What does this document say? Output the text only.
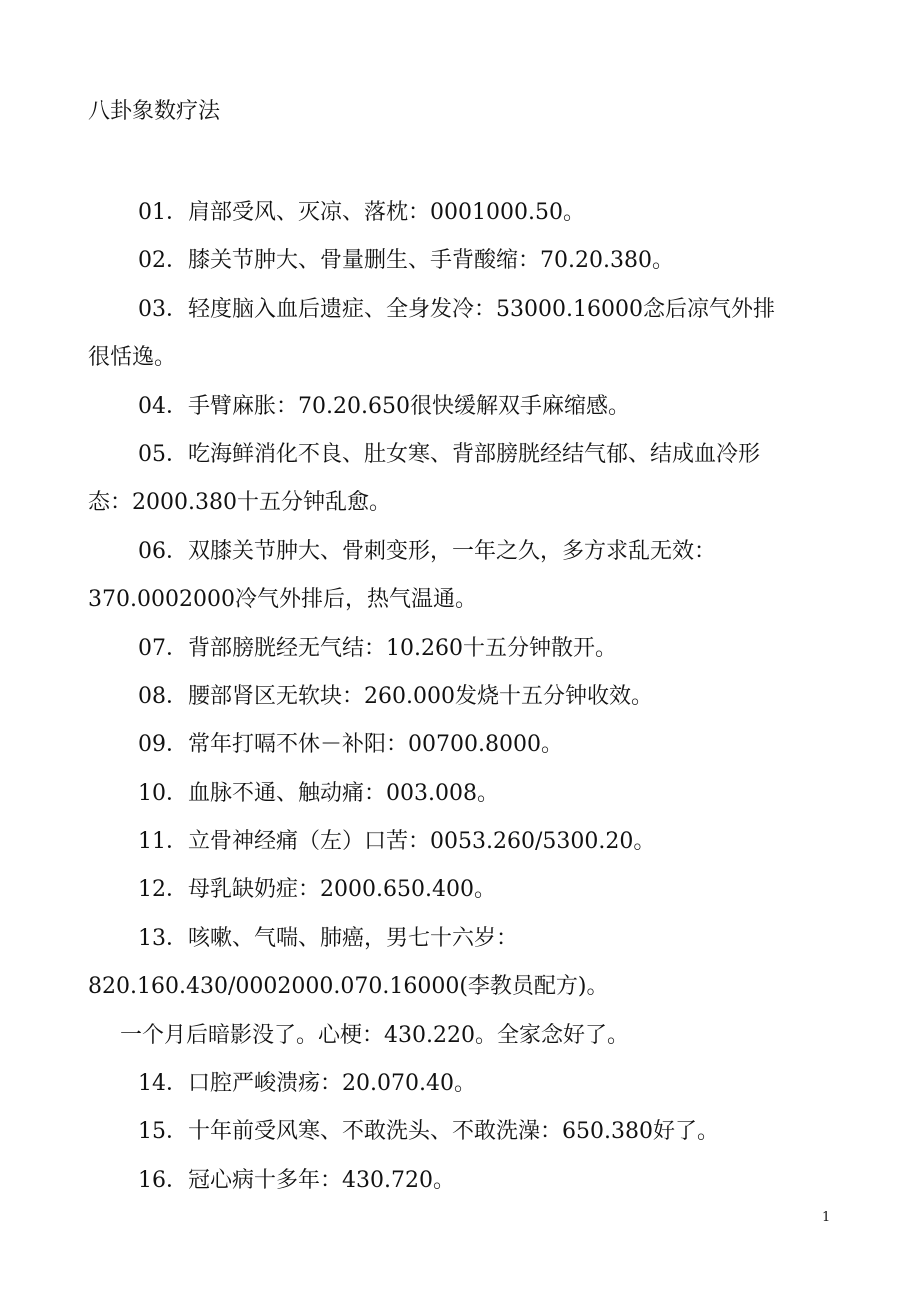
八卦象数疗法
01．肩部受风、灭凉、落枕：0001000.50。
02．膝关节肿大、骨量删生、手背酸缩：70.20.380。
03．轻度脑入血后遗症、全身发冷：53000.16000念后凉气外排
很恬逸。
04．手臂麻胀：70.20.650很快缓解双手麻缩感。
05．吃海鲜消化不良、肚女寒、背部膀胱经结气郁、结成血冷形
态：2000.380十五分钟乱愈。
06．双膝关节肿大、骨刺变形，一年之久，多方求乱无效：
370.0002000冷气外排后，热气温通。
07．背部膀胱经无气结：10.260十五分钟散开。
08．腰部肾区无软块：260.000发烧十五分钟收效。
09．常年打嗝不休－补阳：00700.8000。
10．血脉不通、触动痛：003.008。
11．立骨神经痛（左）口苦：0053.260/5300.20。
12．母乳缺奶症：2000.650.400。
13．咳嗽、气喘、肺癌，男七十六岁：
820.160.430/0002000.070.16000(李教员配方)。
一个月后暗影没了。心梗：430.220。全家念好了。
14．口腔严峻溃疡：20.070.40。
15．十年前受风寒、不敢洗头、不敢洗澡：650.380好了。
16．冠心病十多年：430.720。
1
